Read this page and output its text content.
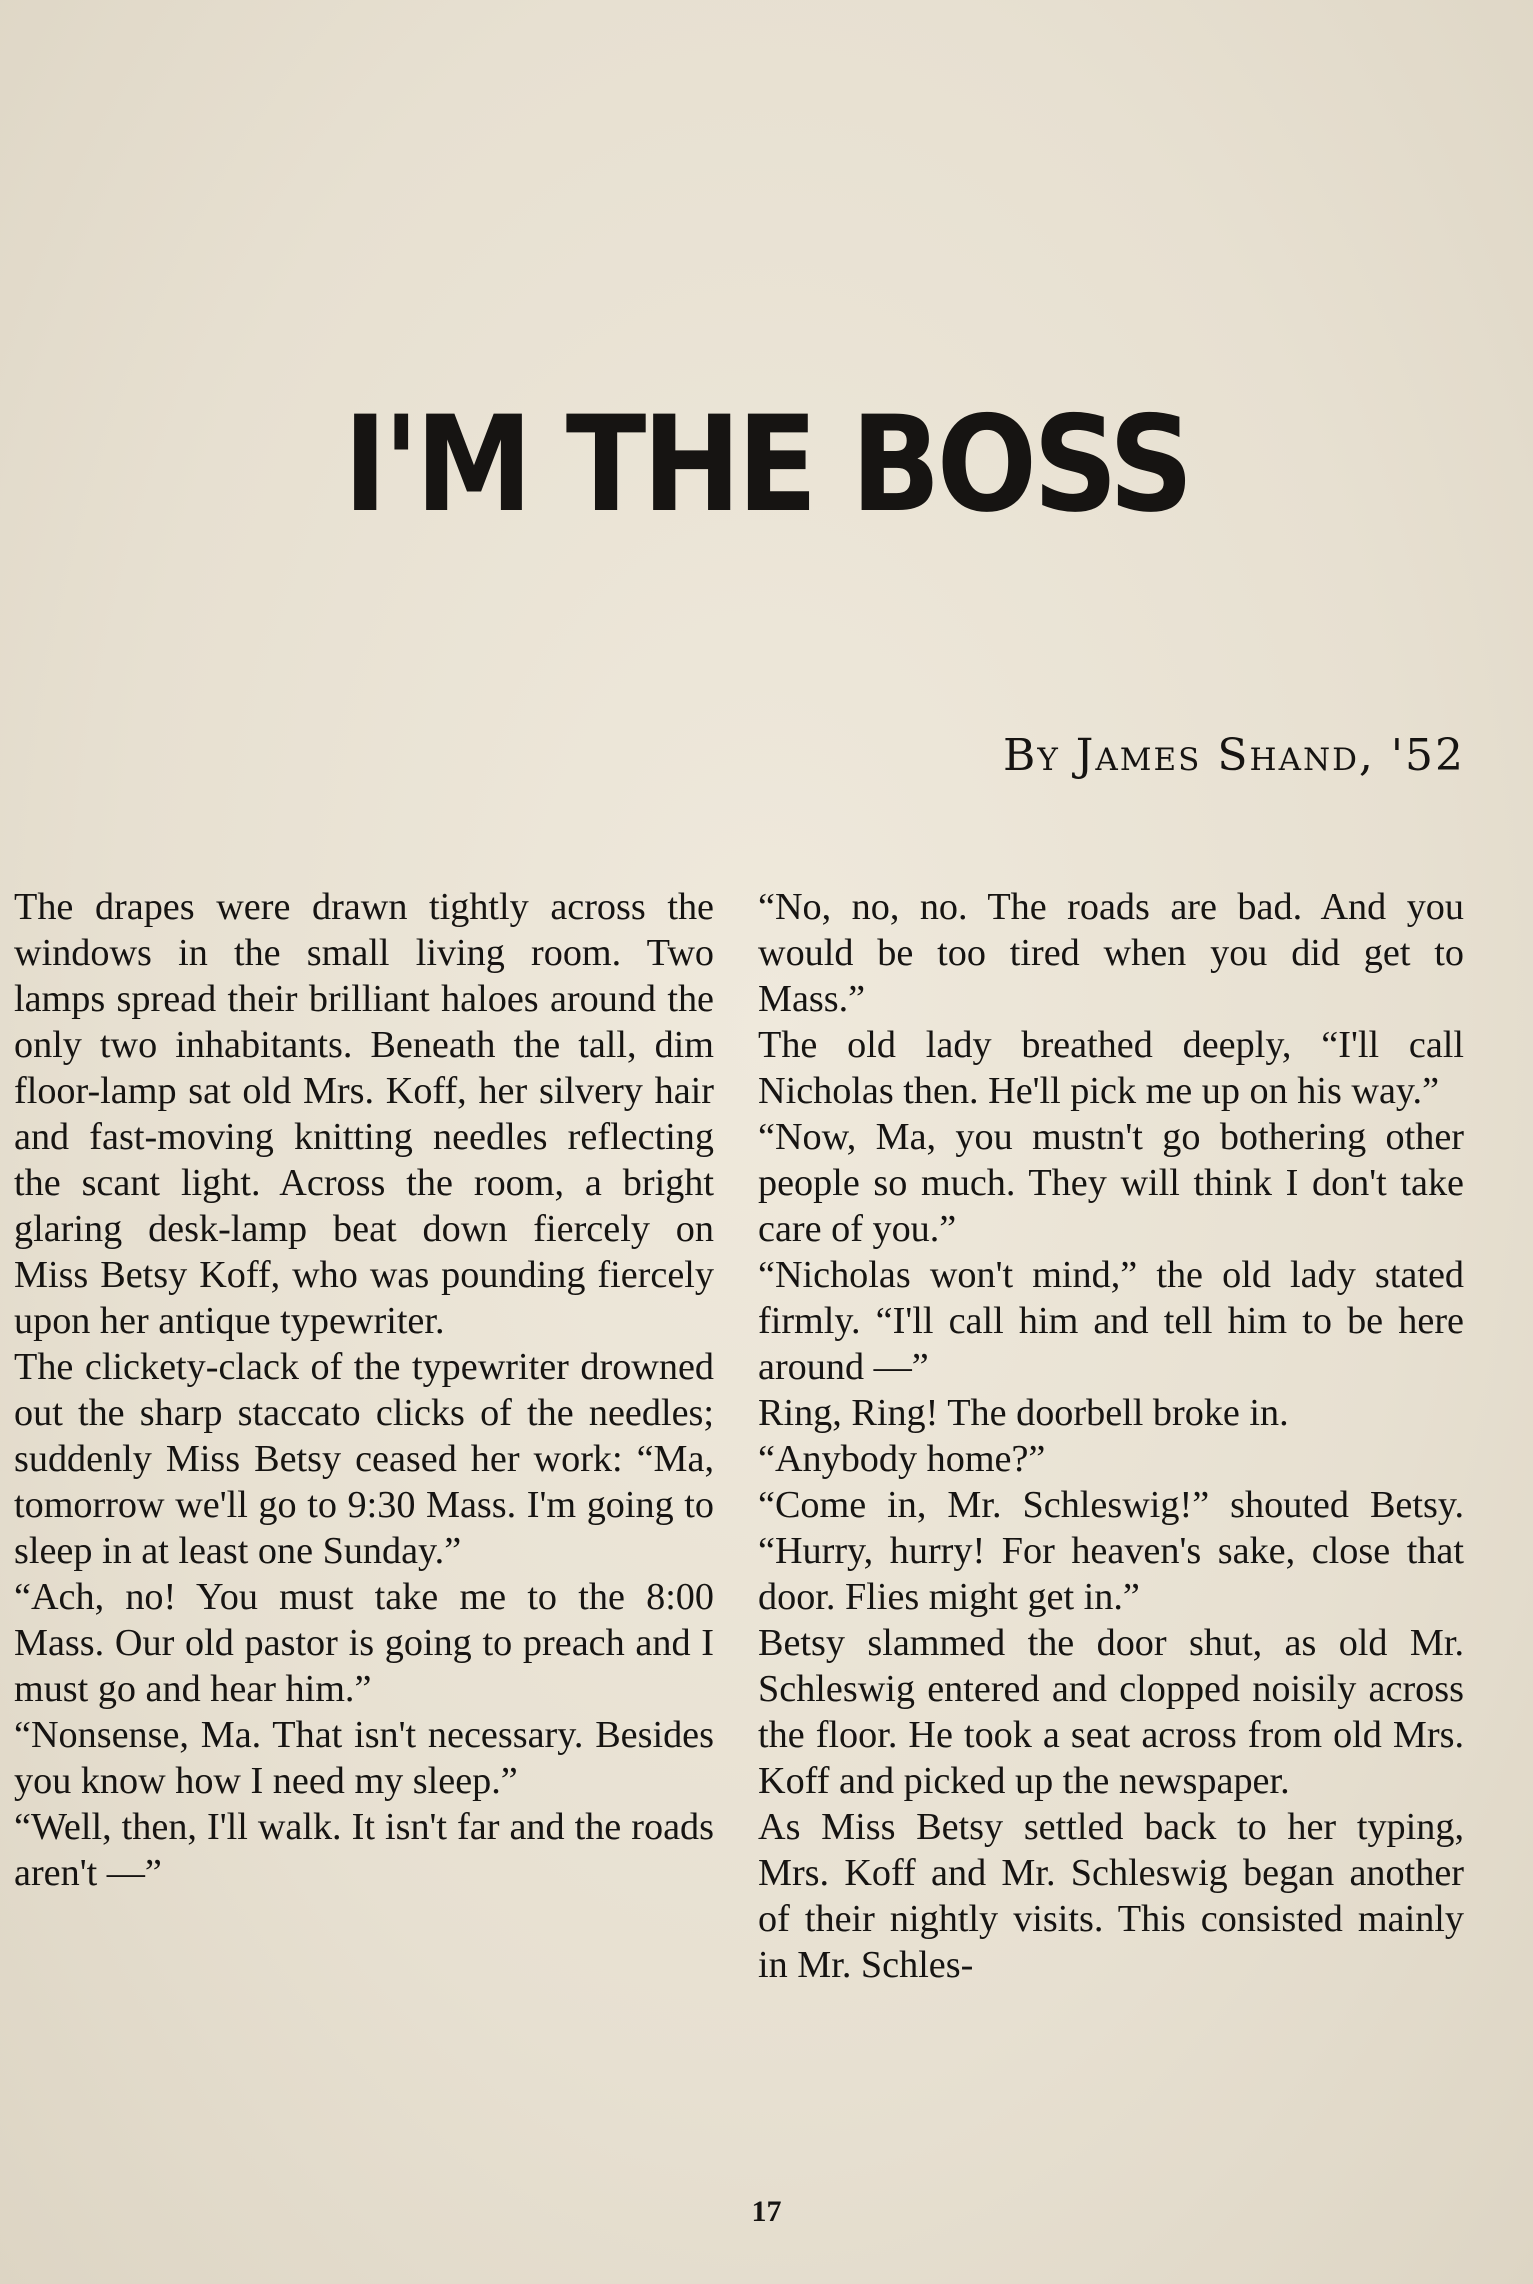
I'M THE BOSS
By James Shand, '52

The drapes were drawn tightly across the windows in the small living room. Two lamps spread their brilliant haloes around the only two inhabitants. Beneath the tall, dim floor-lamp sat old Mrs. Koff, her silvery hair and fast-moving knitting needles reflecting the scant light. Across the room, a bright glaring desk-lamp beat down fiercely on Miss Betsy Koff, who was pounding fiercely upon her antique typewriter.

The clickety-clack of the typewriter drowned out the sharp staccato clicks of the needles; suddenly Miss Betsy ceased her work: “Ma, tomorrow we'll go to 9:30 Mass. I'm going to sleep in at least one Sunday.”

“Ach, no! You must take me to the 8:00 Mass. Our old pastor is going to preach and I must go and hear him.”

“Nonsense, Ma. That isn't necessary. Besides you know how I need my sleep.”

“Well, then, I'll walk. It isn't far and the roads aren't —”

“No, no, no. The roads are bad. And you would be too tired when you did get to Mass.”

The old lady breathed deeply, “I'll call Nicholas then. He'll pick me up on his way.”

“Now, Ma, you mustn't go bothering other people so much. They will think I don't take care of you.”

“Nicholas won't mind,” the old lady stated firmly. “I'll call him and tell him to be here around —”

Ring, Ring! The doorbell broke in.

“Anybody home?”

“Come in, Mr. Schleswig!” shouted Betsy. “Hurry, hurry! For heaven's sake, close that door. Flies might get in.”

Betsy slammed the door shut, as old Mr. Schleswig entered and clopped noisily across the floor. He took a seat across from old Mrs. Koff and picked up the newspaper.

As Miss Betsy settled back to her typing, Mrs. Koff and Mr. Schleswig began another of their nightly visits. This consisted mainly in Mr. Schles-

17
